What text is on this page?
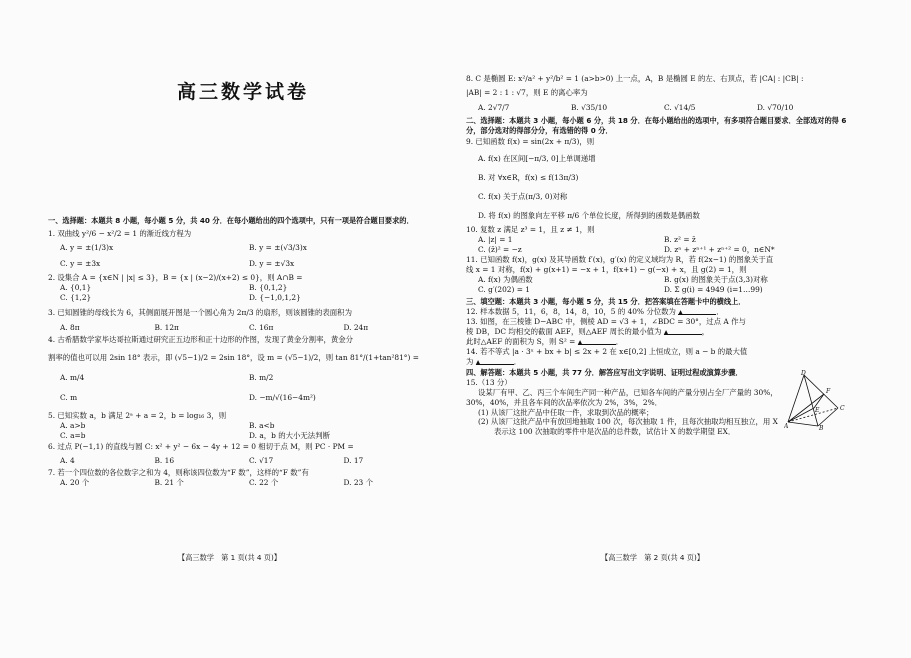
高三数学试卷
一、选择题：本题共 8 小题，每小题 5 分，共 40 分．在每小题给出的四个选项中，只有一项是符合题目要求的．
1. 双曲线 y²/6 − x²/2 = 1 的渐近线方程为
A. y = ±(1/3)x	B. y = ±(√3/3)x
C. y = ±3x	D. y = ±√3x
2. 设集合 A = {x∈N | |x| ≤ 3}，B = {x | (x−2)/(x+2) ≤ 0}，则 A∩B =
A. {0,1}	B. {0,1,2}
C. {1,2}	D. {−1,0,1,2}
3. 已知圆锥的母线长为 6，其侧面展开图是一个圆心角为 2π/3 的扇形，则该圆锥的表面积为
A. 8π	B. 12π	C. 16π	D. 24π
4. 古希腊数学家毕达哥拉斯通过研究正五边形和正十边形的作图，发现了黄金分割率，黄金分
割率的值也可以用 2sin 18° 表示，即 (√5−1)/2 = 2sin 18°，设 m = (√5−1)/2，则 tan 81°/(1+tan²81°) =
A. m/4	B. m/2
C. m	D. −m/√(16−4m²)
5. 已知实数 a，b 满足 2ᵃ + a = 2，b = log₁₆ 3，则
A. a>b	B. a<b
C. a=b	D. a，b 的大小无法判断
6. 过点 P(−1,1) 的直线与圆 C: x² + y² − 6x − 4y + 12 = 0 相切于点 M，则 PC · PM =
A. 4	B. 16	C. √17	D. 17
7. 若一个四位数的各位数字之和为 4，则称该四位数为“F 数”，这样的“F 数”有
A. 20 个	B. 21 个	C. 22 个	D. 23 个
【高三数学　第 1 页(共 4 页)】
8. C 是椭圆 E: x²/a² + y²/b² = 1 (a>b>0) 上一点，A，B 是椭圆 E 的左、右顶点，若 |CA| : |CB| :
|AB| = 2 : 1 : √7，则 E 的离心率为
A. 2√7/7	B. √35/10	C. √14/5	D. √70/10
二、选择题：本题共 3 小题，每小题 6 分，共 18 分．在每小题给出的选项中，有多项符合题目要求．全部选对的得 6 分，部分选对的得部分分，有选错的得 0 分．
9. 已知函数 f(x) = sin(2x + π/3)，则
A. f(x) 在区间[−π/3, 0]上单调递增
B. 对 ∀x∈R，f(x) ≤ f(13π/3)
C. f(x) 关于点(π/3, 0)对称
D. 将 f(x) 的图象向左平移 π/6 个单位长度，所得到的函数是偶函数
10. 复数 z 满足 z³ = 1，且 z ≠ 1，则
A. |z| = 1	B. z² = z̄
C. (z̄)² = −z	D. zⁿ + zⁿ⁺¹ + zⁿ⁺² = 0，n∈N*
11. 已知函数 f(x)，g(x) 及其导函数 f′(x)，g′(x) 的定义域均为 R，若 f(2x−1) 的图象关于直
线 x = 1 对称，f(x) + g(x+1) = −x + 1，f(x+1) − g(−x) + x，且 g(2) = 1，则
A. f(x) 为偶函数	B. g(x) 的图象关于点(3,3)对称
C. g′(202) = 1	D. Σ g(i) = 4949 (i=1…99)
三、填空题：本题共 3 小题，每小题 5 分，共 15 分．把答案填在答题卡中的横线上．
12. 样本数据 5，11，6，8，14，8，10，5 的 40% 分位数为 ▲	．
13. 如图，在三棱锥 D−ABC 中，侧棱 AD = √3 + 1，∠BDC = 30°，过点 A 作与
棱 DB，DC 均相交的截面 AEF，则△AEF 周长的最小值为 ▲	，
此时△AEF 的面积为 S，则 S² = ▲	．
14. 若不等式 |a · 3ˣ + bx + b| ≤ 2x + 2 在 x∈[0,2] 上恒成立，则 a − b 的最大值
为 ▲	．
四、解答题：本题共 5 小题，共 77 分．解答应写出文字说明、证明过程或演算步骤．
15.（13 分）
设某厂有甲、乙、丙三个车间生产同一种产品，已知各车间的产量分别占全厂产量的 30%，
30%，40%，并且各车间的次品率依次为 2%，3%，2%．
(1) 从该厂这批产品中任取一件，求取到次品的概率；
(2) 从该厂这批产品中有放回地抽取 100 次，每次抽取 1 件，且每次抽取均相互独立，用 X
表示这 100 次抽取的零件中是次品的总件数，试估计 X 的数学期望 EX．
D
F
E
A	B
C
【高三数学　第 2 页(共 4 页)】
